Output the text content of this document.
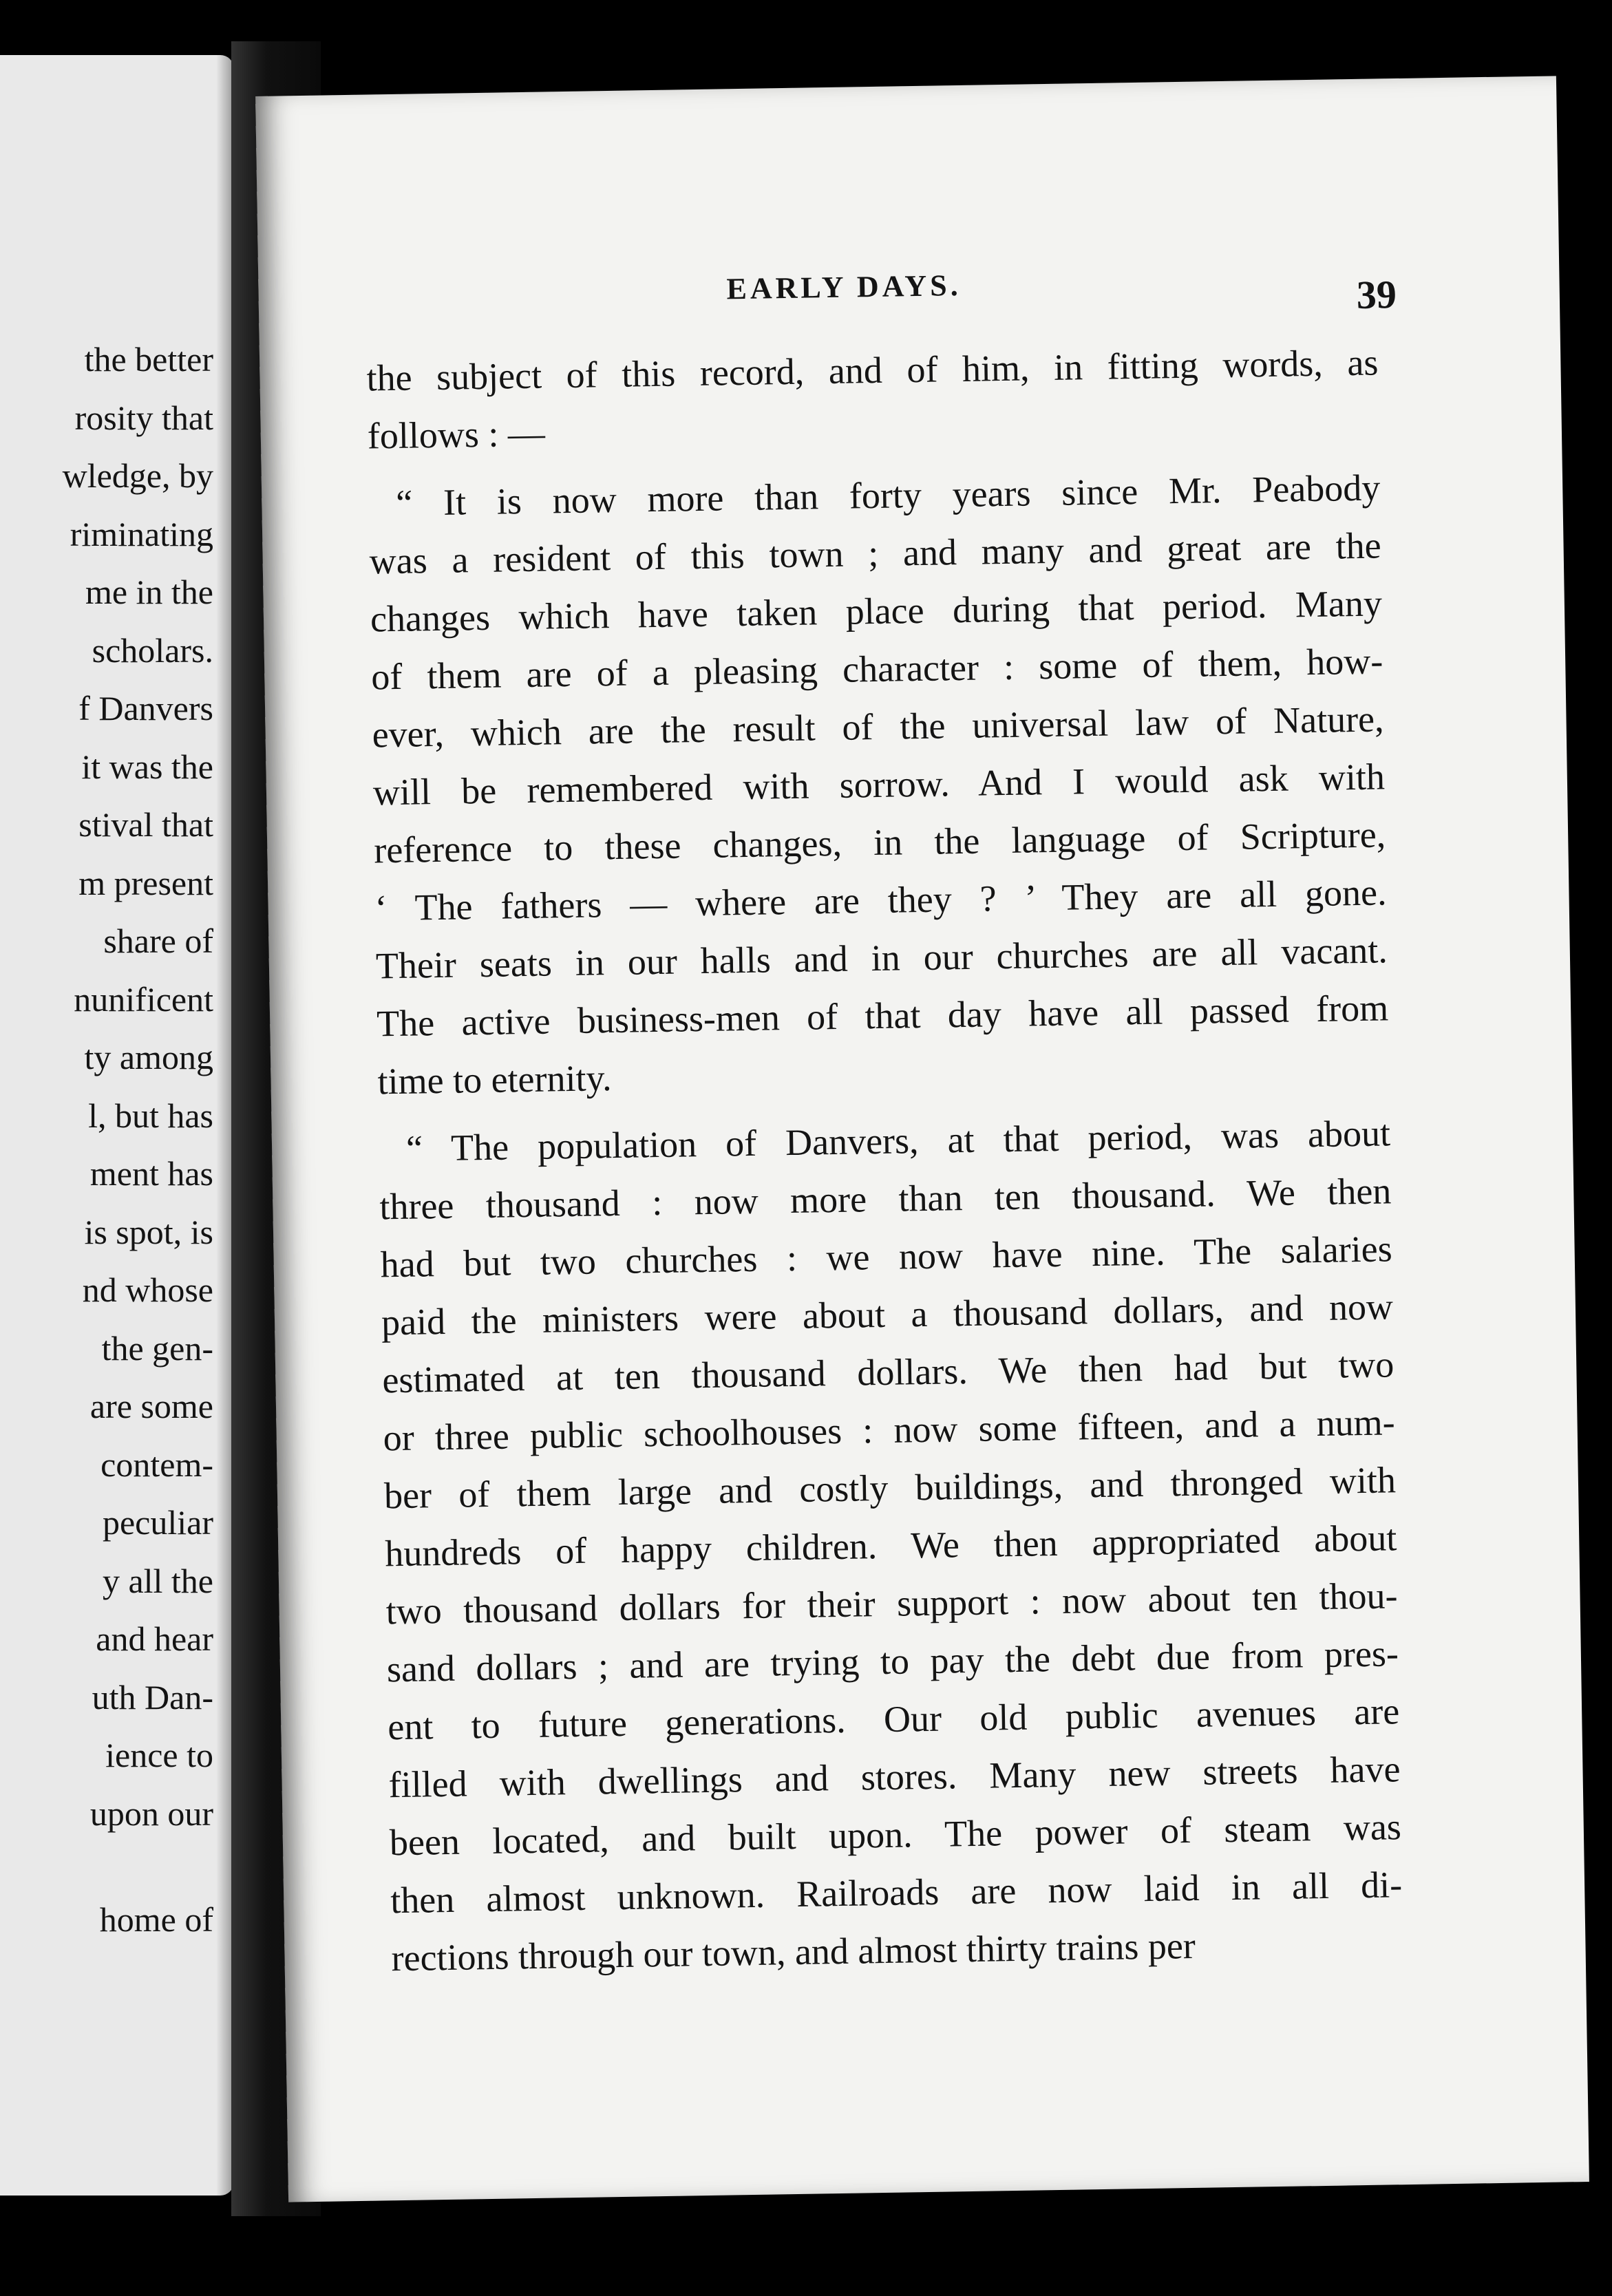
the better
rosity that
wledge, by
riminating
me in the
scholars.
f Danvers
it was the
stival that
m present
share of
nunificent
ty among
l, but has
ment has
is spot, is
nd whose
the gen-
are some
contem-
peculiar
y all the
and hear
uth Dan-
ience to
upon our
home of
EARLY DAYS.	39
the subject of this record, and of him, in fitting words, as
follows : —
“ It is now more than forty years since Mr. Peabody
was a resident of this town ; and many and great are the
changes which have taken place during that period. Many
of them are of a pleasing character : some of them, how-
ever, which are the result of the universal law of Nature,
will be remembered with sorrow. And I would ask with
reference to these changes, in the language of Scripture,
‘ The fathers — where are they ? ’ They are all gone.
Their seats in our halls and in our churches are all vacant.
The active business-men of that day have all passed from
time to eternity.
“ The population of Danvers, at that period, was about
three thousand : now more than ten thousand. We then
had but two churches : we now have nine. The salaries
paid the ministers were about a thousand dollars, and now
estimated at ten thousand dollars. We then had but two
or three public schoolhouses : now some fifteen, and a num-
ber of them large and costly buildings, and thronged with
hundreds of happy children. We then appropriated about
two thousand dollars for their support : now about ten thou-
sand dollars ; and are trying to pay the debt due from pres-
ent to future generations. Our old public avenues are
filled with dwellings and stores. Many new streets have
been located, and built upon. The power of steam was
then almost unknown. Railroads are now laid in all di-
rections through our town, and almost thirty trains per
